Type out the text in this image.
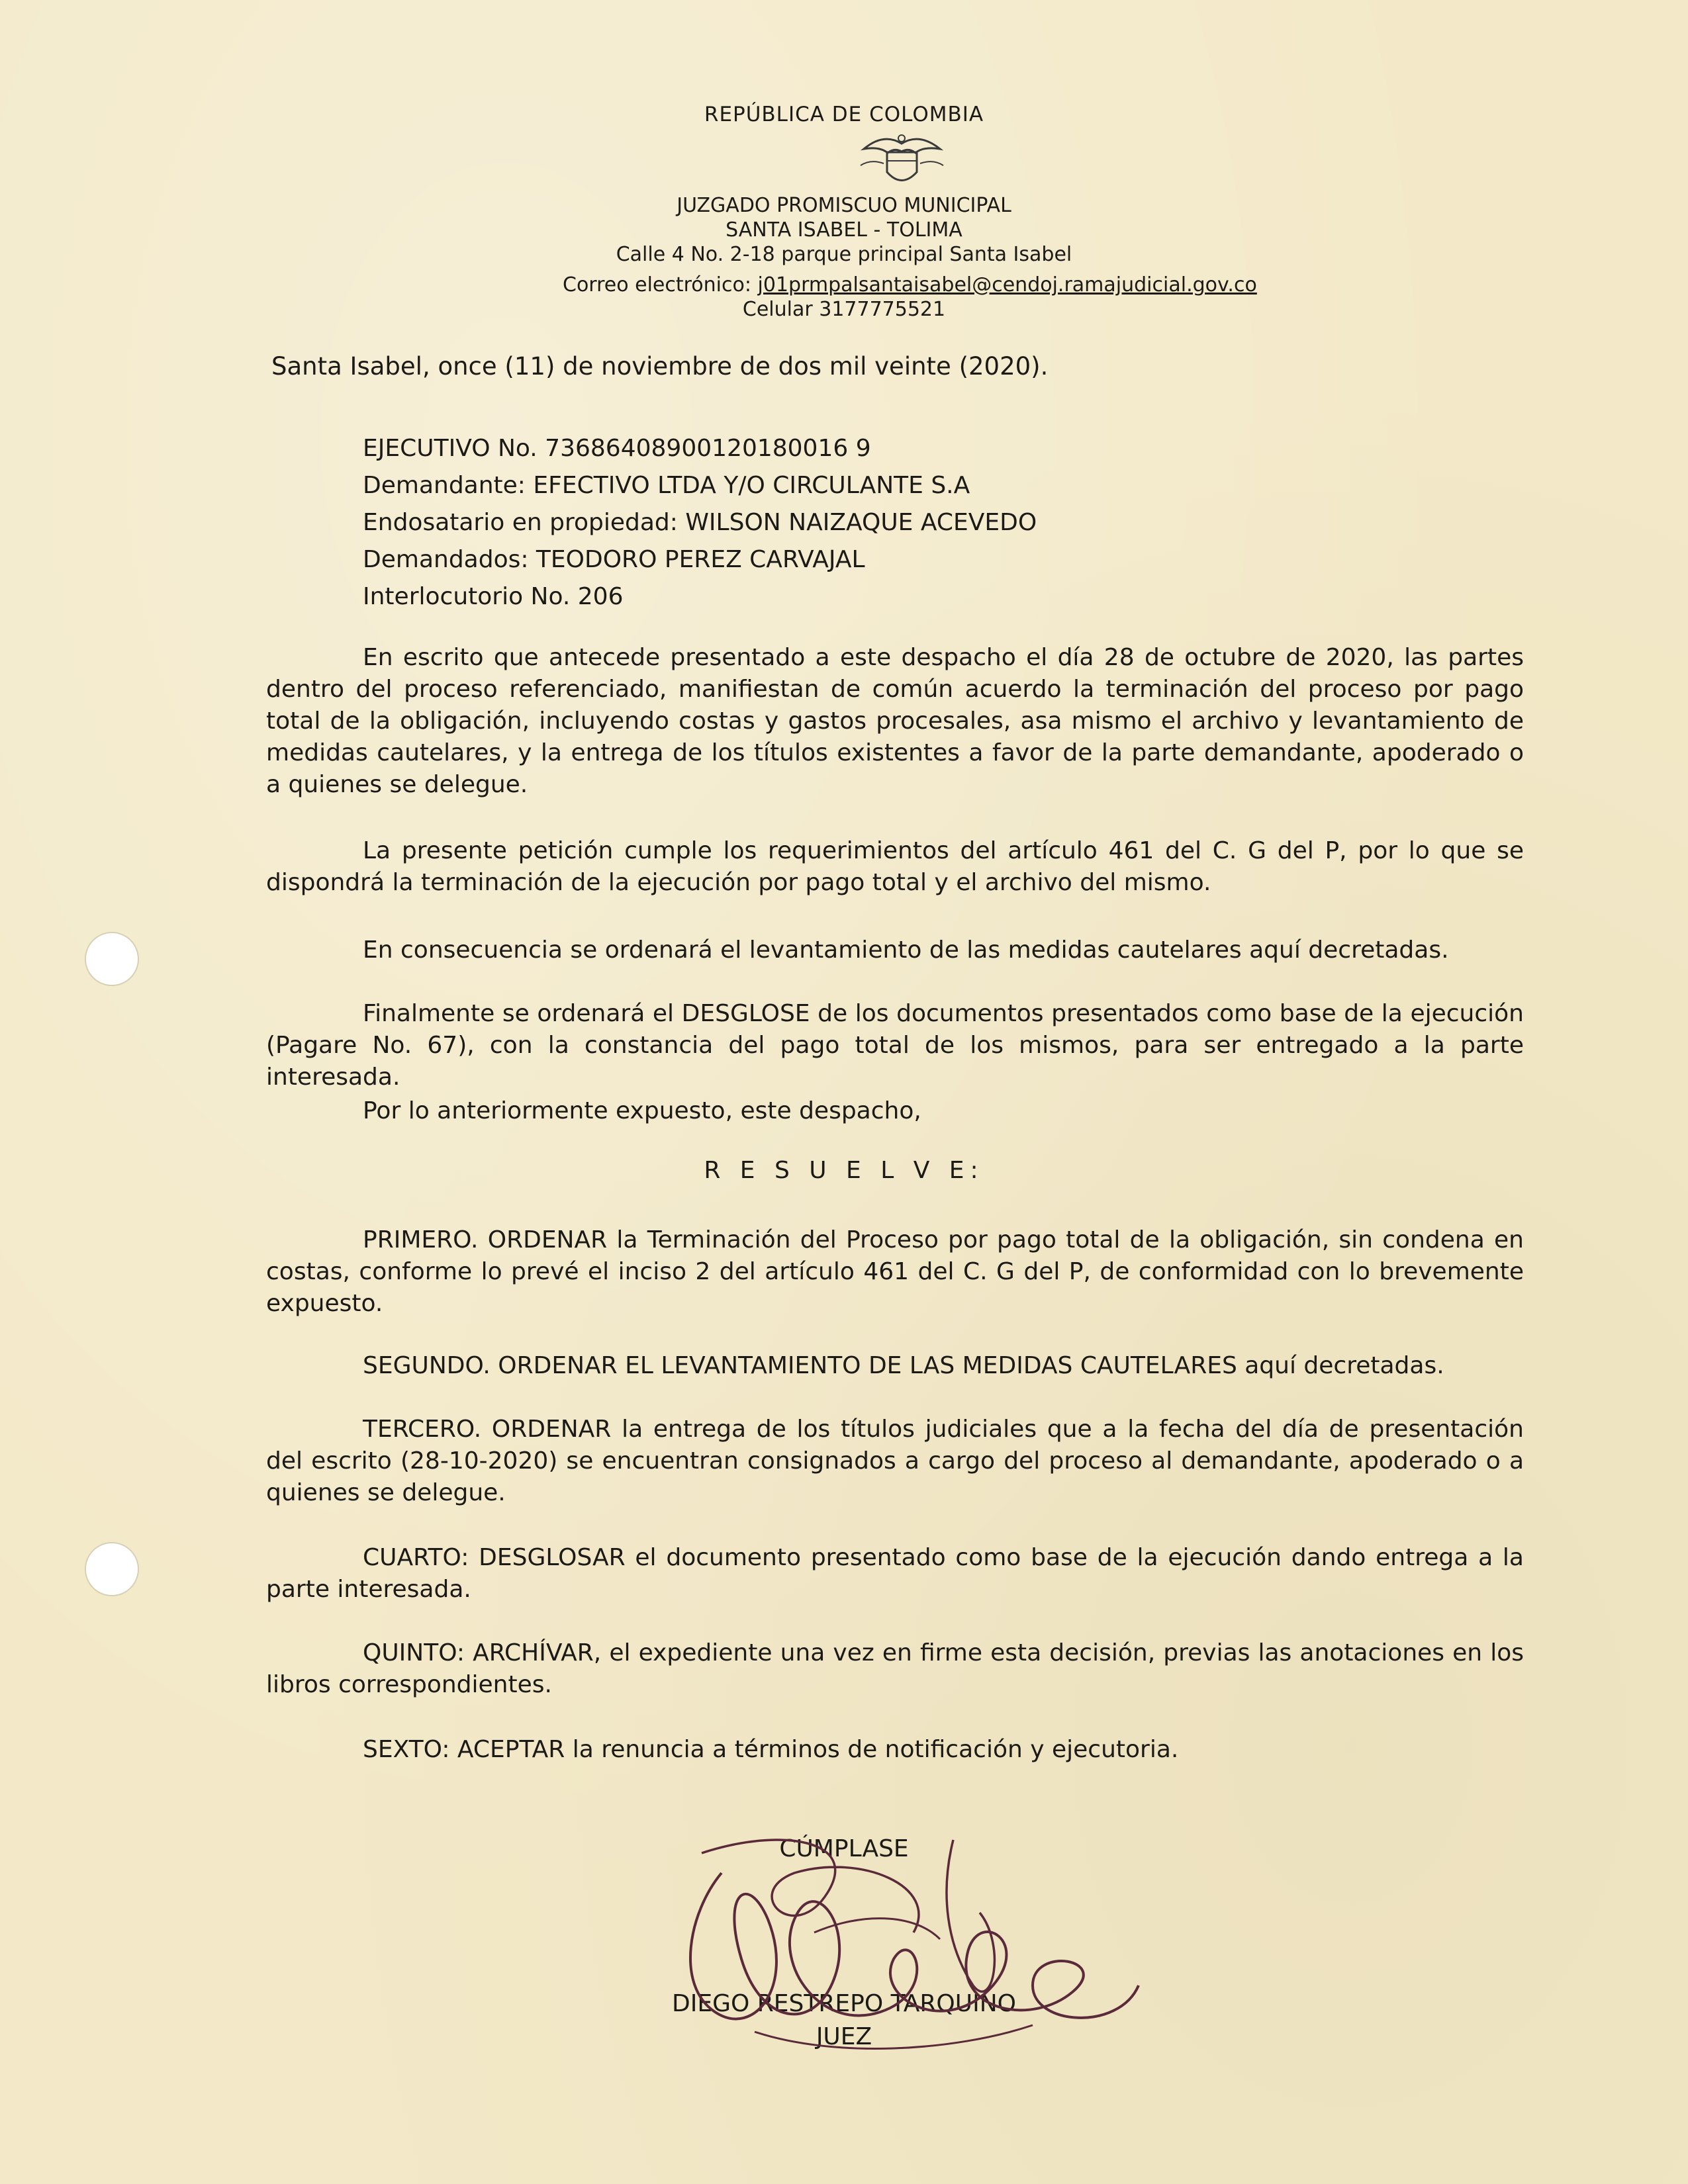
REPÚBLICA DE COLOMBIA
JUZGADO PROMISCUO MUNICIPAL
SANTA ISABEL - TOLIMA
Calle 4 No. 2-18 parque principal Santa Isabel
Correo electrónico: j01prmpalsantaisabel@cendoj.ramajudicial.gov.co
Celular 3177775521
Santa Isabel, once (11) de noviembre de dos mil veinte (2020).
EJECUTIVO No. 73686408900120180016 9
Demandante: EFECTIVO LTDA Y/O CIRCULANTE S.A
Endosatario en propiedad: WILSON NAIZAQUE ACEVEDO
Demandados: TEODORO PEREZ CARVAJAL
Interlocutorio No. 206
En escrito que antecede presentado a este despacho el día 28 de octubre de 2020, las partes dentro del proceso referenciado, manifiestan de común acuerdo la terminación del proceso por pago total de la obligación, incluyendo costas y gastos procesales, asa mismo el archivo y levantamiento de medidas cautelares, y la entrega de los títulos existentes a favor de la parte demandante, apoderado o a quienes se delegue.
La presente petición cumple los requerimientos del artículo 461 del C. G del P, por lo que se dispondrá la terminación de la ejecución por pago total y el archivo del mismo.
En consecuencia se ordenará el levantamiento de las medidas cautelares aquí decretadas.
Finalmente se ordenará el DESGLOSE de los documentos presentados como base de la ejecución (Pagare No. 67), con la constancia del pago total de los mismos, para ser entregado a la parte interesada.
Por lo anteriormente expuesto, este despacho,
R E S U E L V E:
PRIMERO. ORDENAR la Terminación del Proceso por pago total de la obligación, sin condena en costas, conforme lo prevé el inciso 2 del artículo 461 del C. G del P, de conformidad con lo brevemente expuesto.
SEGUNDO. ORDENAR EL LEVANTAMIENTO DE LAS MEDIDAS CAUTELARES aquí decretadas.
TERCERO. ORDENAR la entrega de los títulos judiciales que a la fecha del día de presentación del escrito (28-10-2020) se encuentran consignados a cargo del proceso al demandante, apoderado o a quienes se delegue.
CUARTO: DESGLOSAR el documento presentado como base de la ejecución dando entrega a la parte interesada.
QUINTO: ARCHÍVAR, el expediente una vez en firme esta decisión, previas las anotaciones en los libros correspondientes.
SEXTO: ACEPTAR la renuncia a términos de notificación y ejecutoria.
CÚMPLASE
DIEGO RESTREPO TARQUINO
JUEZ
